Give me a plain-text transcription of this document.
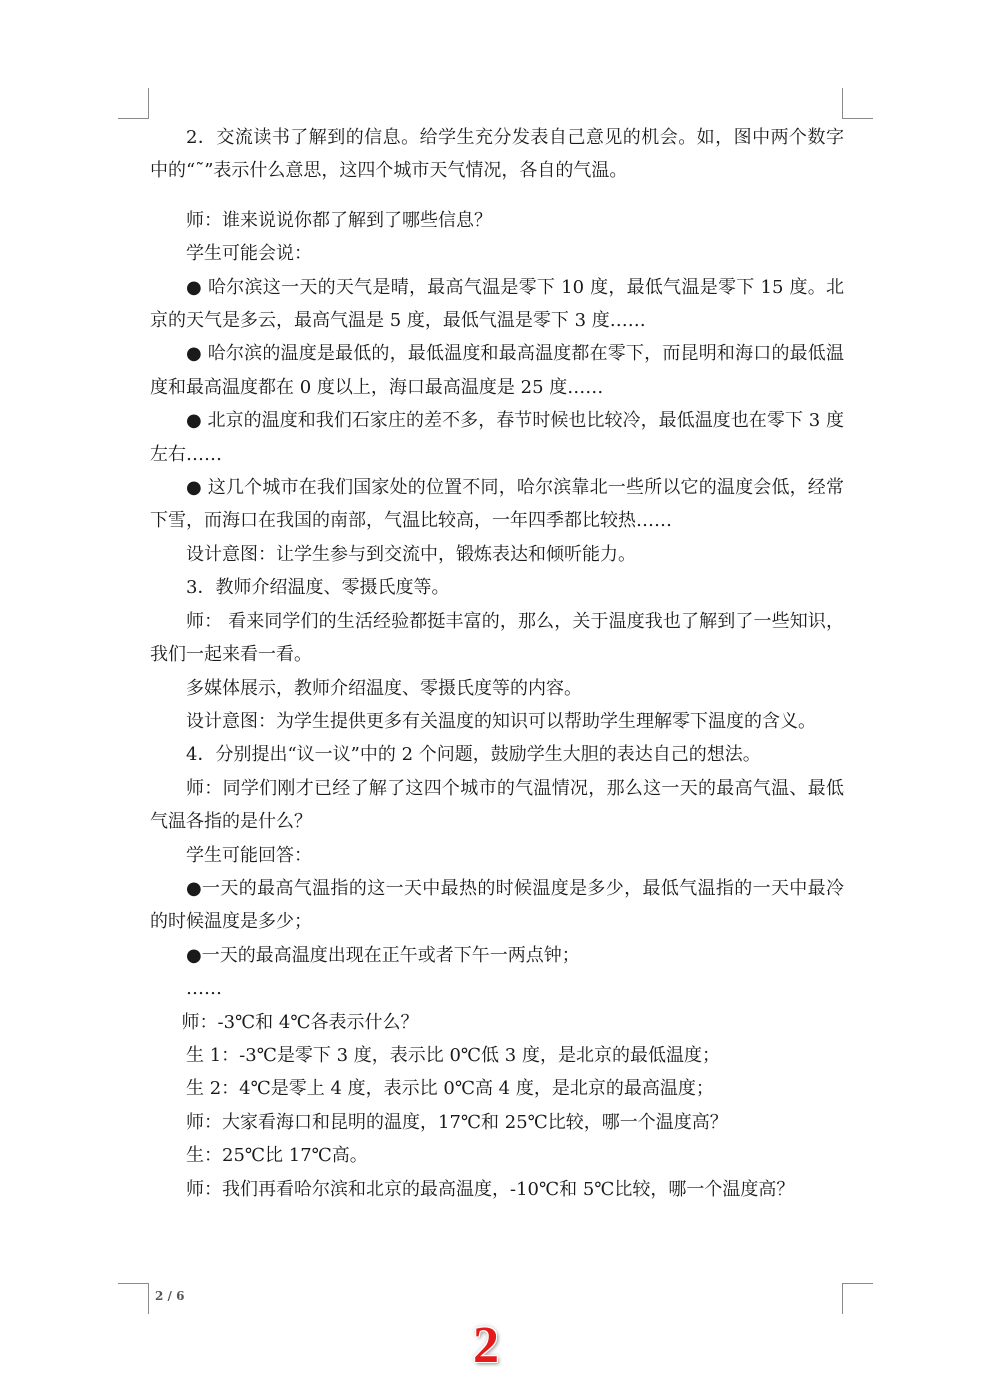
2．交流读书了解到的信息。给学生充分发表自己意见的机会。如，图中两个数字中的“˜”表示什么意思，这四个城市天气情况，各自的气温。

师：谁来说说你都了解到了哪些信息？

学生可能会说：

● 哈尔滨这一天的天气是晴，最高气温是零下 10 度，最低气温是零下 15 度。北京的天气是多云，最高气温是 5 度，最低气温是零下 3 度……

● 哈尔滨的温度是最低的，最低温度和最高温度都在零下，而昆明和海口的最低温度和最高温度都在 0 度以上，海口最高温度是 25 度……

● 北京的温度和我们石家庄的差不多，春节时候也比较冷，最低温度也在零下 3 度左右……

● 这几个城市在我们国家处的位置不同，哈尔滨靠北一些所以它的温度会低，经常下雪，而海口在我国的南部，气温比较高，一年四季都比较热……

设计意图：让学生参与到交流中，锻炼表达和倾听能力。

3．教师介绍温度、零摄氏度等。

师： 看来同学们的生活经验都挺丰富的，那么，关于温度我也了解到了一些知识，我们一起来看一看。

多媒体展示，教师介绍温度、零摄氏度等的内容。

设计意图：为学生提供更多有关温度的知识可以帮助学生理解零下温度的含义。

4．分别提出“议一议”中的 2 个问题，鼓励学生大胆的表达自己的想法。

师：同学们刚才已经了解了这四个城市的气温情况，那么这一天的最高气温、最低气温各指的是什么？

学生可能回答：

●一天的最高气温指的这一天中最热的时候温度是多少，最低气温指的一天中最冷的时候温度是多少；

●一天的最高温度出现在正午或者下午一两点钟；

……

师：-3℃和 4℃各表示什么？

生 1：-3℃是零下 3 度，表示比 0℃低 3 度，是北京的最低温度；

生 2：4℃是零上 4 度，表示比 0℃高 4 度，是北京的最高温度；

师：大家看海口和昆明的温度，17℃和 25℃比较，哪一个温度高？

生：25℃比 17℃高。

师：我们再看哈尔滨和北京的最高温度，-10℃和 5℃比较，哪一个温度高？

2 / 6
2
